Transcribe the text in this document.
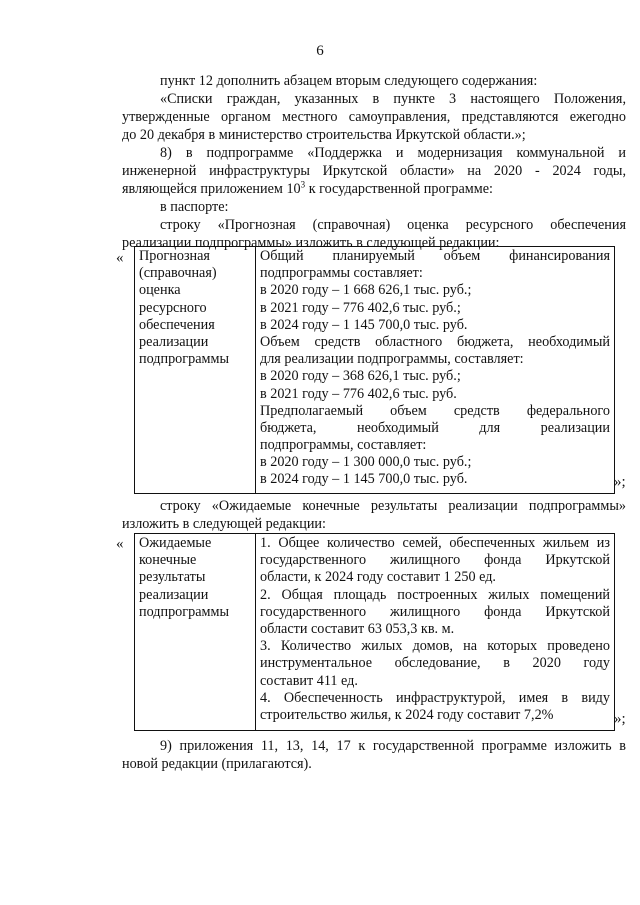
6
пункт 12 дополнить абзацем вторым следующего содержания:
«Списки граждан, указанных в пункте 3 настоящего Положения,
утвержденные органом местного самоуправления, представляются ежегодно
до 20 декабря в министерство строительства Иркутской области.»;
8) в подпрограмме «Поддержка и модернизация коммунальной и
инженерной инфраструктуры Иркутской области» на 2020 - 2024 годы,
являющейся приложением $10^3$ к государственной программе:
в паспорте:
строку «Прогнозная (справочная) оценка ресурсного обеспечения
реализации подпрограммы» изложить в следующей редакции:
« Прогнозная
(справочная)
оценка
ресурсного
обеспечения
реализации
подпрограммы
Общий планируемый объем финансирования
подпрограммы составляет:
в 2020 году – 1 668 626,1 тыс. руб.;
в 2021 году – 776 402,6 тыс. руб.;
в 2024 году – 1 145 700,0 тыс. руб.
Объем средств областного бюджета, необходимый
для реализации подпрограммы, составляет:
в 2020 году – 368 626,1 тыс. руб.;
в 2021 году – 776 402,6 тыс. руб.
Предполагаемый объем средств федерального
бюджета, необходимый для реализации
подпрограммы, составляет:
в 2020 году – 1 300 000,0 тыс. руб.;
в 2024 году – 1 145 700,0 тыс. руб.	»;
строку «Ожидаемые конечные результаты реализации подпрограммы»
изложить в следующей редакции:
« Ожидаемые
конечные
результаты
реализации
подпрограммы
1. Общее количество семей, обеспеченных жильем из
государственного жилищного фонда Иркутской
области, к 2024 году составит 1 250 ед.
2. Общая площадь построенных жилых помещений
государственного жилищного фонда Иркутской
области составит 63 053,3 кв. м.
3. Количество жилых домов, на которых проведено
инструментальное обследование, в 2020 году
составит 411 ед.
4. Обеспеченность инфраструктурой, имея в виду
строительство жилья, к 2024 году составит 7,2%	»;
9) приложения 11, 13, 14, 17 к государственной программе изложить в
новой редакции (прилагаются).
